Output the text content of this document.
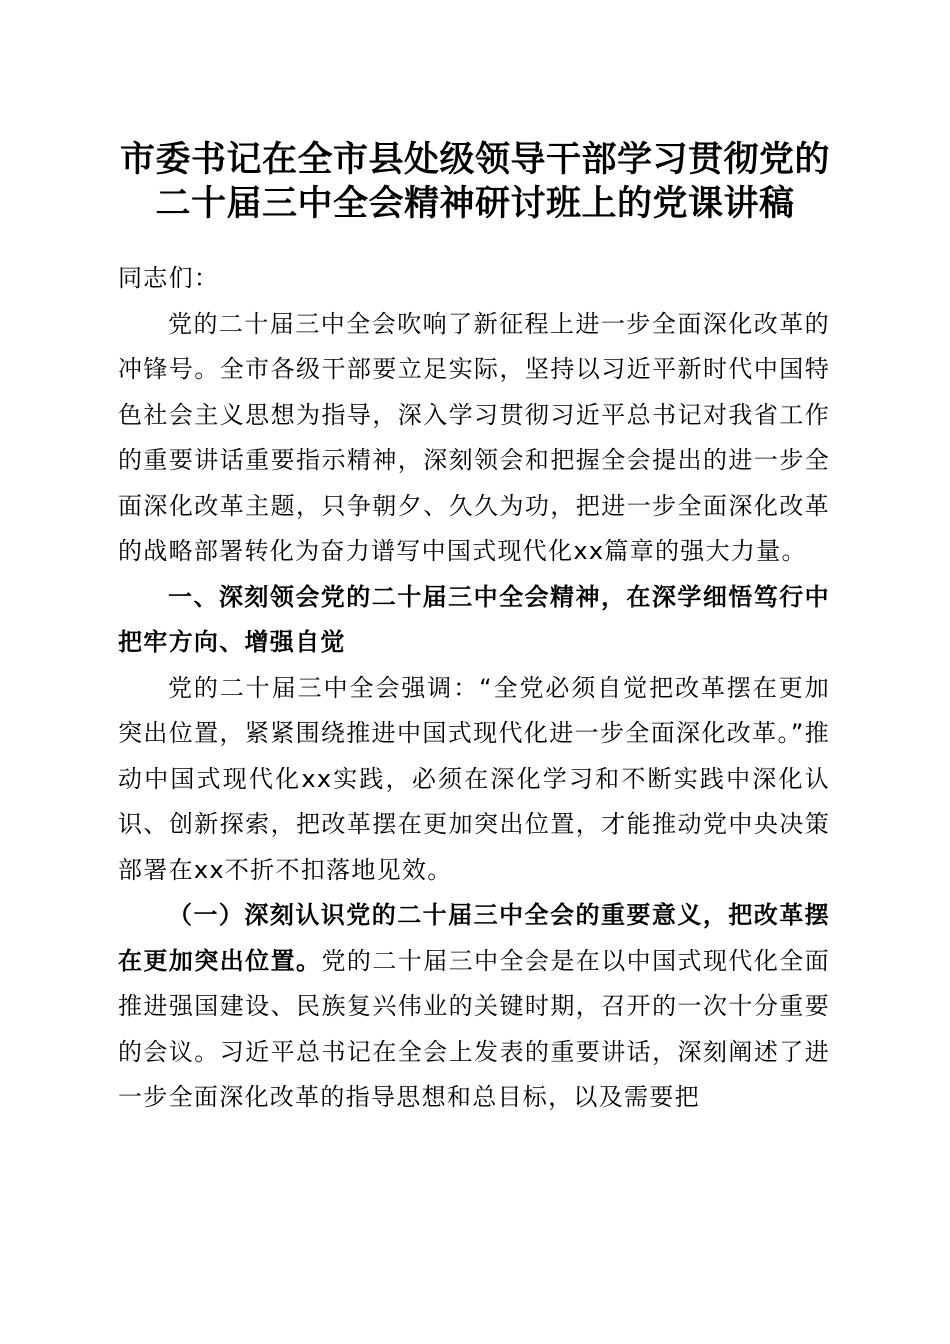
市委书记在全市县处级领导干部学习贯彻党的
二十届三中全会精神研讨班上的党课讲稿

同志们：

党的二十届三中全会吹响了新征程上进一步全面深化改革的冲锋号。全市各级干部要立足实际，坚持以习近平新时代中国特色社会主义思想为指导，深入学习贯彻习近平总书记对我省工作的重要讲话重要指示精神，深刻领会和把握全会提出的进一步全面深化改革主题，只争朝夕、久久为功，把进一步全面深化改革的战略部署转化为奋力谱写中国式现代化xx篇章的强大力量。

一、深刻领会党的二十届三中全会精神，在深学细悟笃行中把牢方向、增强自觉

党的二十届三中全会强调：“全党必须自觉把改革摆在更加突出位置，紧紧围绕推进中国式现代化进一步全面深化改革。”推动中国式现代化xx实践，必须在深化学习和不断实践中深化认识、创新探索，把改革摆在更加突出位置，才能推动党中央决策部署在xx不折不扣落地见效。

（一）深刻认识党的二十届三中全会的重要意义，把改革摆在更加突出位置。党的二十届三中全会是在以中国式现代化全面推进强国建设、民族复兴伟业的关键时期，召开的一次十分重要的会议。习近平总书记在全会上发表的重要讲话，深刻阐述了进一步全面深化改革的指导思想和总目标，以及需要把
